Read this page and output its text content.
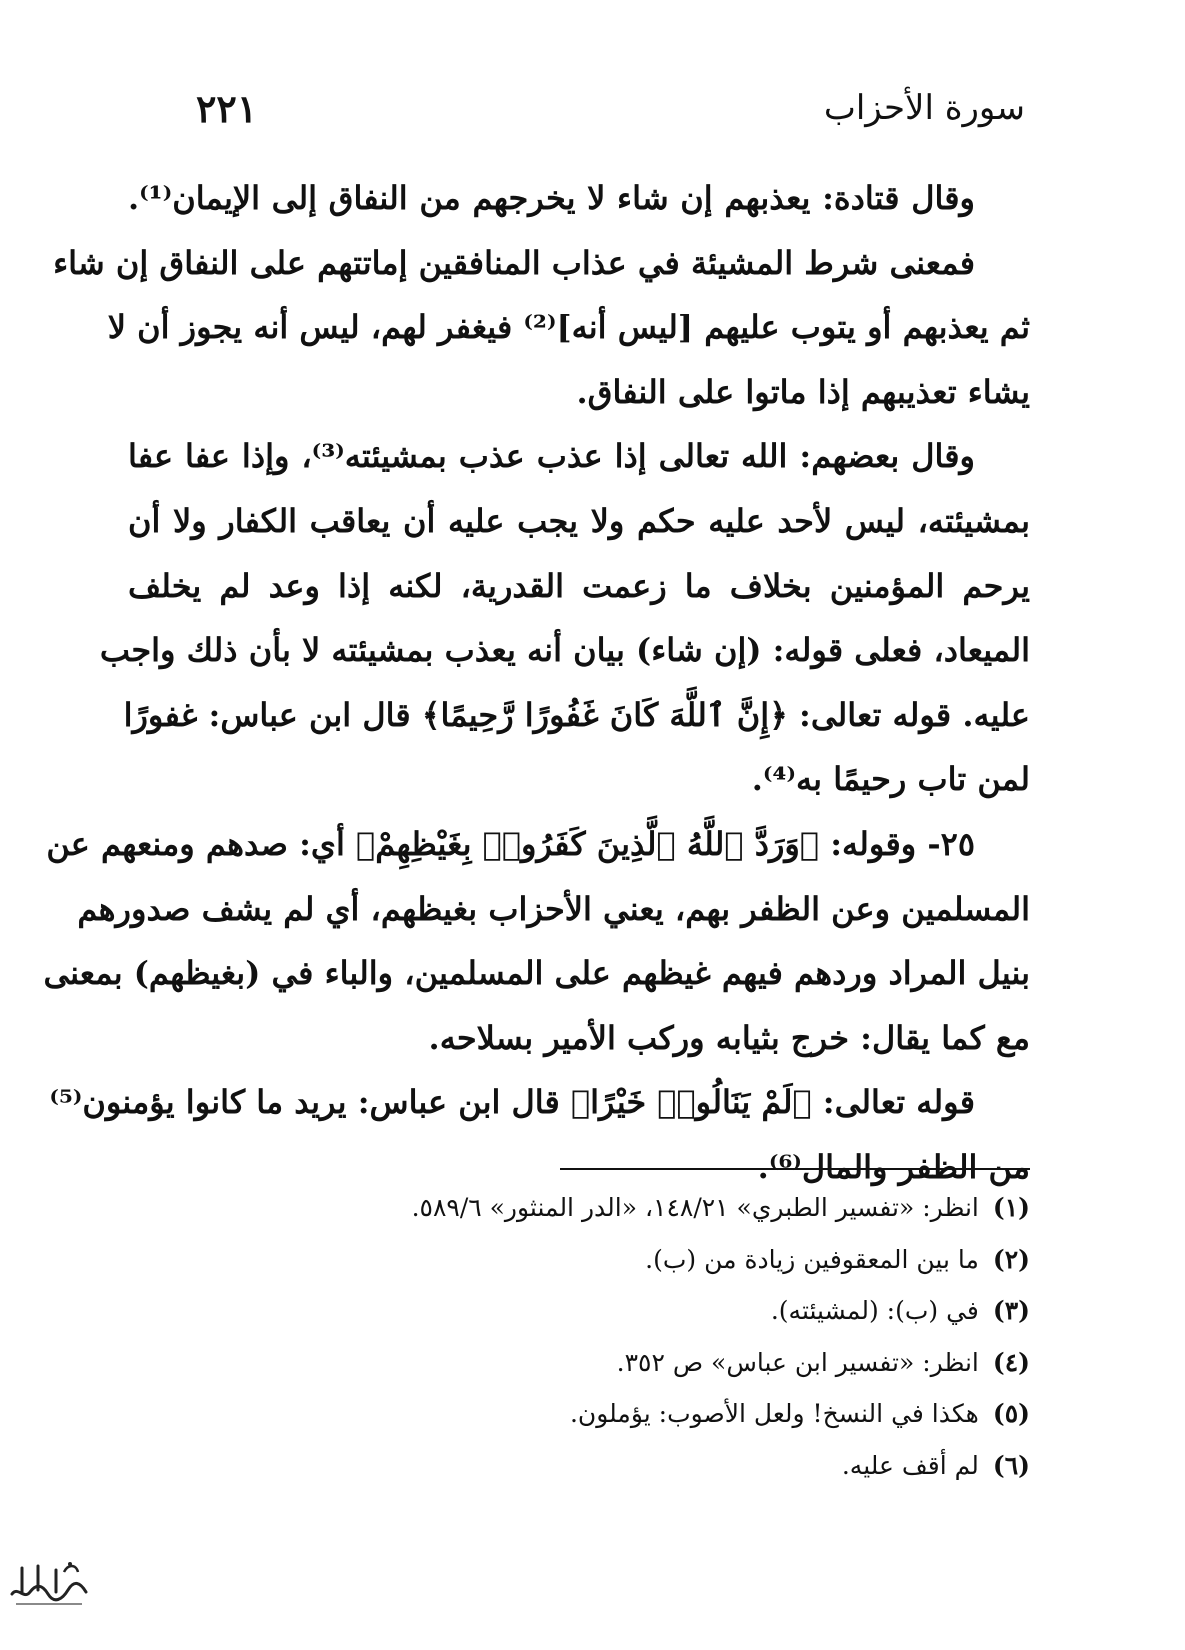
٢٢١	سورة الأحزاب
وقال قتادة: يعذبهم إن شاء لا يخرجهم من النفاق إلى الإيمان⁽¹⁾.
فمعنى شرط المشيئة في عذاب المنافقين إماتتهم على النفاق إن شاء
ثم يعذبهم أو يتوب عليهم [ليس أنه]⁽²⁾ فيغفر لهم، ليس أنه يجوز أن لا
يشاء تعذيبهم إذا ماتوا على النفاق.
وقال بعضهم: الله تعالى إذا عذب عذب بمشيئته⁽³⁾، وإذا عفا عفا
بمشيئته، ليس لأحد عليه حكم ولا يجب عليه أن يعاقب الكفار ولا أن
يرحم المؤمنين بخلاف ما زعمت القدرية، لكنه إذا وعد لم يخلف
الميعاد، فعلى قوله: (إن شاء) بيان أنه يعذب بمشيئته لا بأن ذلك واجب
عليه. قوله تعالى: ﴿إِنَّ ٱللَّهَ كَانَ غَفُورًا رَّحِيمًا﴾ قال ابن عباس: غفورًا
لمن تاب رحيمًا به⁽⁴⁾.
٢٥- وقوله: ﴿وَرَدَّ ٱللَّهُ ٱلَّذِينَ كَفَرُوا۟ بِغَيْظِهِمْ﴾ أي: صدهم ومنعهم عن
المسلمين وعن الظفر بهم، يعني الأحزاب بغيظهم، أي لم يشف صدورهم
بنيل المراد وردهم فيهم غيظهم على المسلمين، والباء في (بغيظهم) بمعنى
مع كما يقال: خرج بثيابه وركب الأمير بسلاحه.
قوله تعالى: ﴿لَمْ يَنَالُوا۟ خَيْرًا﴾ قال ابن عباس: يريد ما كانوا يؤمنون⁽⁵⁾
من الظفر والمال⁽⁶⁾.
(١)انظر: «تفسير الطبري» ١٤٨/٢١، «الدر المنثور» ٥٨٩/٦.
(٢)ما بين المعقوفين زيادة من (ب).
(٣)في (ب): (لمشيئته).
(٤)انظر: «تفسير ابن عباس» ص ٣٥٢.
(٥)هكذا في النسخ! ولعل الأصوب: يؤملون.
(٦)لم أقف عليه.
